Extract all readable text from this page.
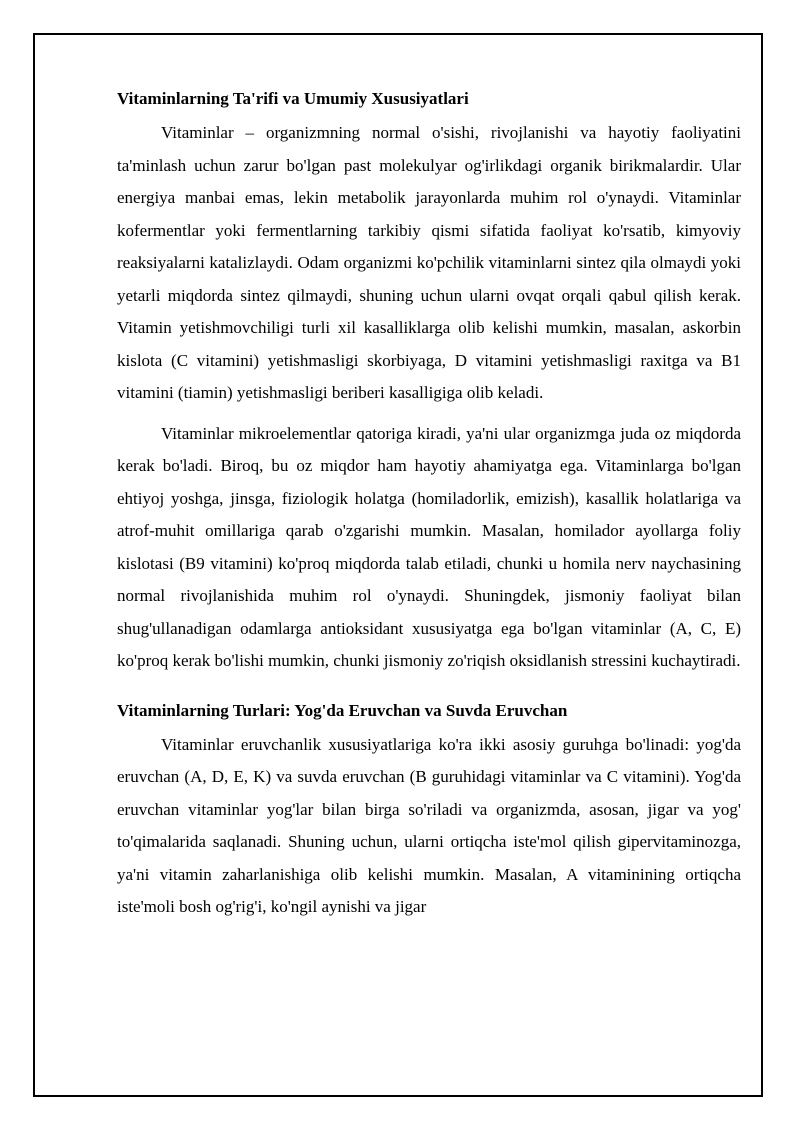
Vitaminlarning Ta'rifi va Umumiy Xususiyatlari

Vitaminlar – organizmning normal o'sishi, rivojlanishi va hayotiy faoliyatini ta'minlash uchun zarur bo'lgan past molekulyar og'irlikdagi organik birikmalardir. Ular energiya manbai emas, lekin metabolik jarayonlarda muhim rol o'ynaydi. Vitaminlar kofermentlar yoki fermentlarning tarkibiy qismi sifatida faoliyat ko'rsatib, kimyoviy reaksiyalarni katalizlaydi. Odam organizmi ko'pchilik vitaminlarni sintez qila olmaydi yoki yetarli miqdorda sintez qilmaydi, shuning uchun ularni ovqat orqali qabul qilish kerak. Vitamin yetishmovchiligi turli xil kasalliklarga olib kelishi mumkin, masalan, askorbin kislota (C vitamini) yetishmasligi skorbiyaga, D vitamini yetishmasligi raxitga va B1 vitamini (tiamin) yetishmasligi beriberi kasalligiga olib keladi.

Vitaminlar mikroelementlar qatoriga kiradi, ya'ni ular organizmga juda oz miqdorda kerak bo'ladi. Biroq, bu oz miqdor ham hayotiy ahamiyatga ega. Vitaminlarga bo'lgan ehtiyoj yoshga, jinsga, fiziologik holatga (homiladorlik, emizish), kasallik holatlariga va atrof-muhit omillariga qarab o'zgarishi mumkin. Masalan, homilador ayollarga foliy kislotasi (B9 vitamini) ko'proq miqdorda talab etiladi, chunki u homila nerv naychasining normal rivojlanishida muhim rol o'ynaydi. Shuningdek, jismoniy faoliyat bilan shug'ullanadigan odamlarga antioksidant xususiyatga ega bo'lgan vitaminlar (A, C, E) ko'proq kerak bo'lishi mumkin, chunki jismoniy zo'riqish oksidlanish stressini kuchaytiradi.

Vitaminlarning Turlari: Yog'da Eruvchan va Suvda Eruvchan

Vitaminlar eruvchanlik xususiyatlariga ko'ra ikki asosiy guruhga bo'linadi: yog'da eruvchan (A, D, E, K) va suvda eruvchan (B guruhidagi vitaminlar va C vitamini). Yog'da eruvchan vitaminlar yog'lar bilan birga so'riladi va organizmda, asosan, jigar va yog' to'qimalarida saqlanadi. Shuning uchun, ularni ortiqcha iste'mol qilish gipervitaminozga, ya'ni vitamin zaharlanishiga olib kelishi mumkin. Masalan, A vitaminining ortiqcha iste'moli bosh og'rig'i, ko'ngil aynishi va jigar
